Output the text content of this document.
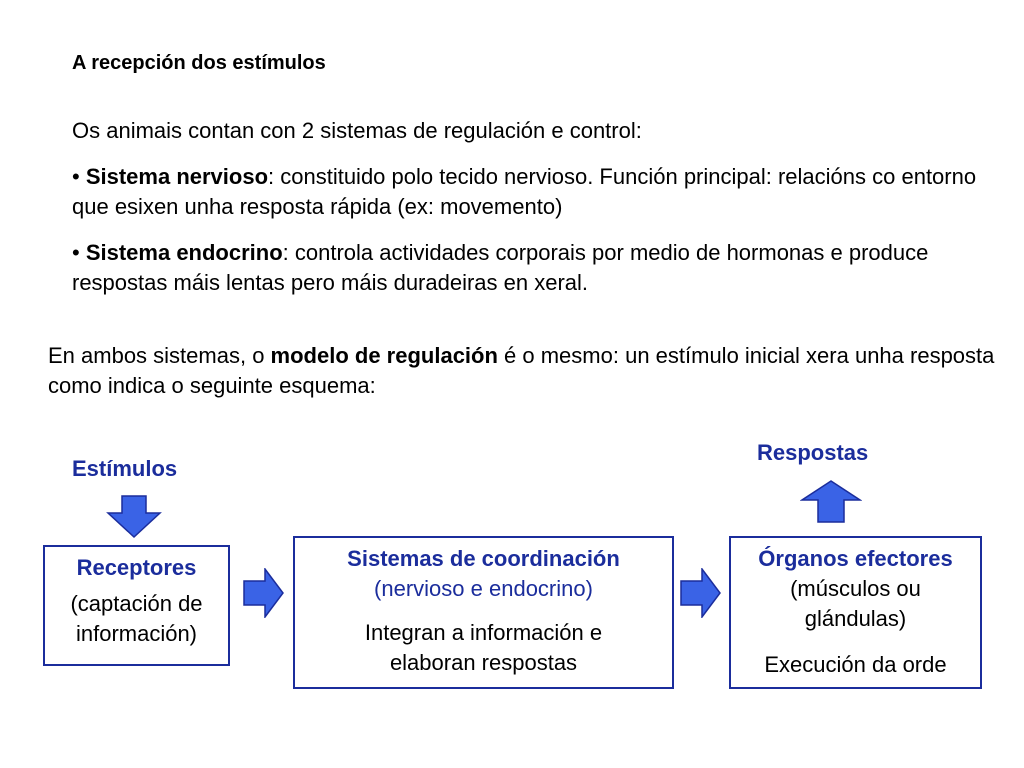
A recepción dos estímulos
Os animais contan con 2 sistemas de regulación e control:
• Sistema nervioso: constituido polo tecido nervioso. Función principal: relacións co entorno que esixen unha resposta rápida (ex: movemento)
• Sistema endocrino: controla actividades corporais por medio de hormonas e produce respostas máis lentas pero máis duradeiras en xeral.
En ambos sistemas, o modelo de regulación é o mesmo: un estímulo inicial xera unha resposta como indica o seguinte esquema:
Estímulos
Respostas
Receptores
(captación de información)
Sistemas de coordinación
(nervioso e endocrino)
Integran a información e elaboran respostas
Órganos efectores
(músculos ou glándulas)
Execución da orde
